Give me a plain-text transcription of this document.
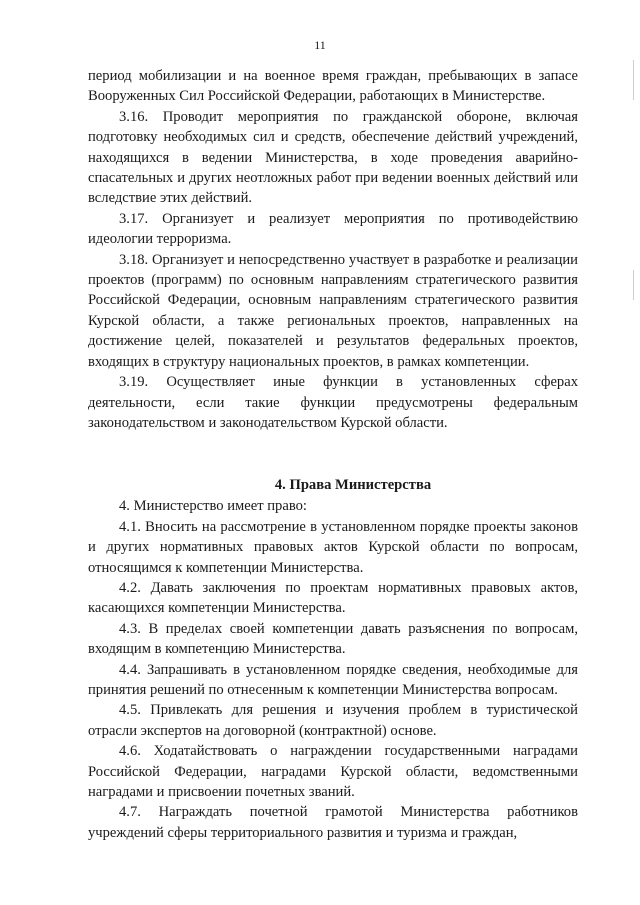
11

период мобилизации и на военное время граждан, пребывающих в запасе Вооруженных Сил Российской Федерации, работающих в Министерстве.

3.16. Проводит мероприятия по гражданской обороне, включая подготовку необходимых сил и средств, обеспечение действий учреждений, находящихся в ведении Министерства, в ходе проведения аварийно-спасательных и других неотложных работ при ведении военных действий или вследствие этих действий.

3.17. Организует и реализует мероприятия по противодействию идеологии терроризма.

3.18. Организует и непосредственно участвует в разработке и реализации проектов (программ) по основным направлениям стратегического развития Российской Федерации, основным направлениям стратегического развития Курской области, а также региональных проектов, направленных на достижение целей, показателей и результатов федеральных проектов, входящих в структуру национальных проектов, в рамках компетенции.

3.19. Осуществляет иные функции в установленных сферах деятельности, если такие функции предусмотрены федеральным законодательством и законодательством Курской области.

4. Права Министерства

4. Министерство имеет право:

4.1. Вносить на рассмотрение в установленном порядке проекты законов и других нормативных правовых актов Курской области по вопросам, относящимся к компетенции Министерства.

4.2. Давать заключения по проектам нормативных правовых актов, касающихся компетенции Министерства.

4.3. В пределах своей компетенции давать разъяснения по вопросам, входящим в компетенцию Министерства.

4.4. Запрашивать в установленном порядке сведения, необходимые для принятия решений по отнесенным к компетенции Министерства вопросам.

4.5. Привлекать для решения и изучения проблем в туристической отрасли экспертов на договорной (контрактной) основе.

4.6. Ходатайствовать о награждении государственными наградами Российской Федерации, наградами Курской области, ведомственными наградами и присвоении почетных званий.

4.7. Награждать почетной грамотой Министерства работников учреждений сферы территориального развития и туризма и граждан,
